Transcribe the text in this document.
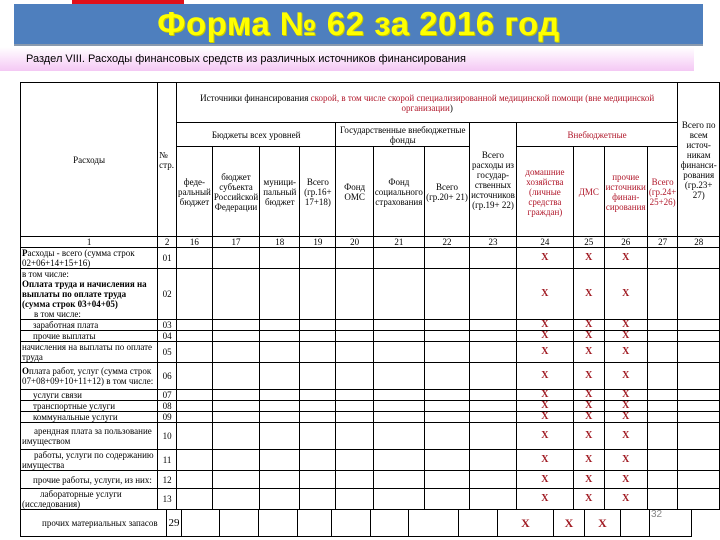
Форма № 62 за 2016 год
Раздел VIII. Расходы финансовых средств из различных источников финансирования
Расходы	№ стр.	Источники финансирования скорой, в том числе скорой специализированной медицинской помощи (вне медицинской организации)												Всего по всем источ-никам финанси-рования (гр.23+ 27)
		Бюджеты всех уровней				Государственные внебюджетные фонды			Всего расходы из государ-ственных источников (гр.19+ 22)	Внебюджетные				
		феде-ральный бюджет	бюджет субъекта Российской Федерации	муници-пальный бюджет	Всего (гр.16+ 17+18)	Фонд ОМС	Фонд социального страхования	Всего (гр.20+ 21)		домашние хозяйства (личные средства граждан)	ДМС	прочие источники финан-сирования	Всего (гр.24+ 25+26)	
1	2	16	17	18	19	20	21	22	23	24	25	26	27	28
Расходы - всего (сумма строк 02+06+14+15+16)	01									X	X	X		

в том числе:
Оплата труда и начисления на выплаты по оплате труда (сумма строк 03+04+05)
в том числе:	02									X	X	X		
заработная плата	03									X	X	X		
прочие выплаты	04									X	X	X		
начисления на выплаты по оплате труда	05									X	X	X		
Оплата работ, услуг (сумма строк 07+08+09+10+11+12) в том числе:	06									X	X	X		
услуги связи	07									X	X	X		
транспортные услуги	08									X	X	X		
коммунальные услуги	09									X	X	X		
арендная плата за пользование имуществом	10									X	X	X		
работы, услуги по содержанию имущества	11									X	X	X		
прочие работы, услуги, из них:	12									X	X	X		
лабораторные услуги (исследования)	13									X	X	X		
прочих матeриальных запасов	29									X	X	X		32
